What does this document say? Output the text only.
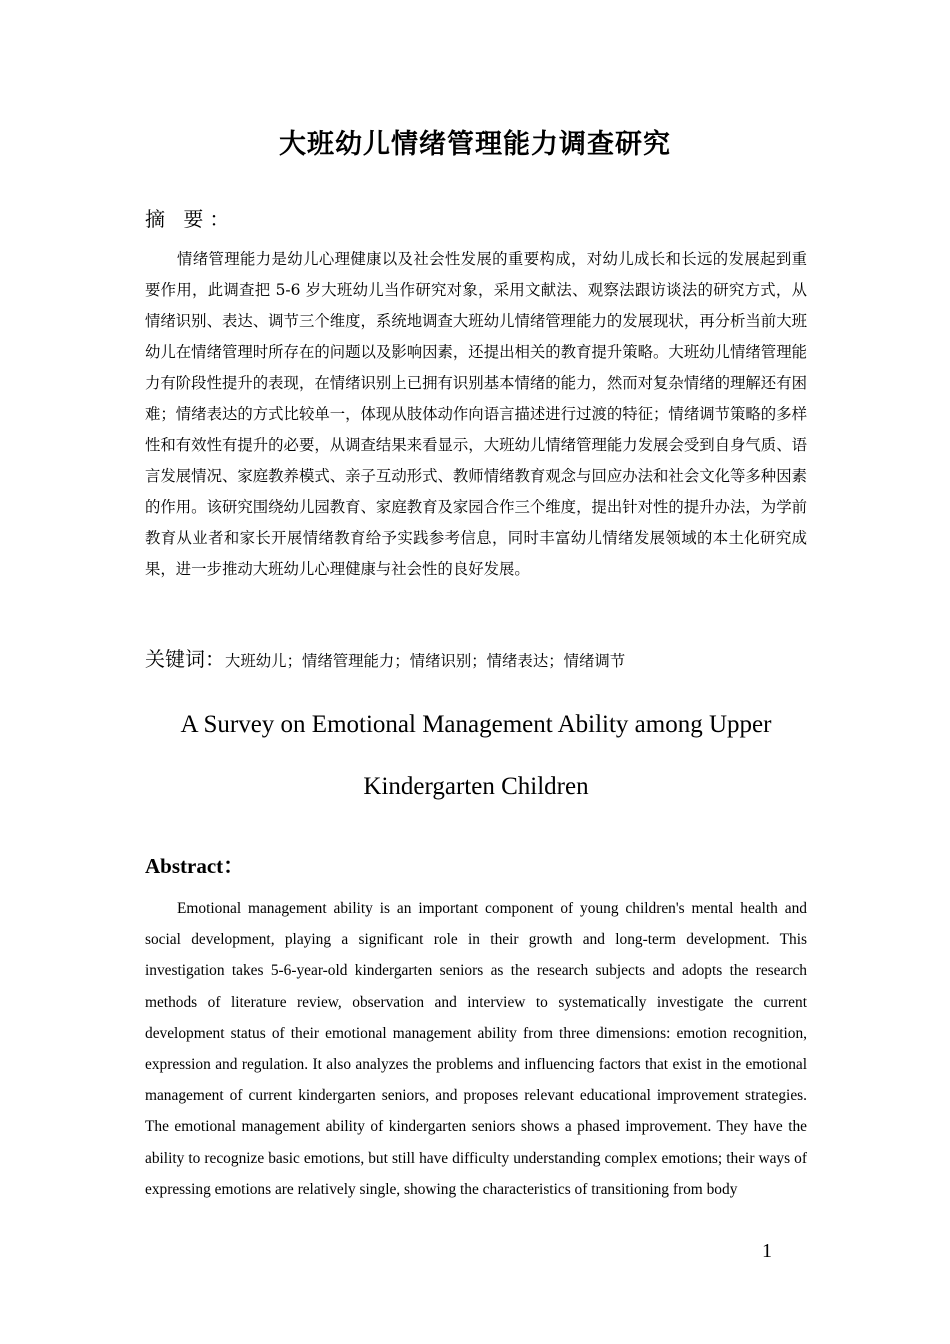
大班幼儿情绪管理能力调查研究
摘 要：

情绪管理能力是幼儿心理健康以及社会性发展的重要构成，对幼儿成长和长远的发展起到重要作用，此调查把 5-6 岁大班幼儿当作研究对象，采用文献法、观察法跟访谈法的研究方式，从情绪识别、表达、调节三个维度，系统地调查大班幼儿情绪管理能力的发展现状，再分析当前大班幼儿在情绪管理时所存在的问题以及影响因素，还提出相关的教育提升策略。大班幼儿情绪管理能力有阶段性提升的表现，在情绪识别上已拥有识别基本情绪的能力，然而对复杂情绪的理解还有困难；情绪表达的方式比较单一，体现从肢体动作向语言描述进行过渡的特征；情绪调节策略的多样性和有效性有提升的必要，从调查结果来看显示，大班幼儿情绪管理能力发展会受到自身气质、语言发展情况、家庭教养模式、亲子互动形式、教师情绪教育观念与回应办法和社会文化等多种因素的作用。该研究围绕幼儿园教育、家庭教育及家园合作三个维度，提出针对性的提升办法，为学前教育从业者和家长开展情绪教育给予实践参考信息，同时丰富幼儿情绪发展领域的本土化研究成果，进一步推动大班幼儿心理健康与社会性的良好发展。

关键词：大班幼儿；情绪管理能力；情绪识别；情绪表达；情绪调节

A Survey on Emotional Management Ability among Upper Kindergarten Children

Abstract：

Emotional management ability is an important component of young children's mental health and social development, playing a significant role in their growth and long-term development. This investigation takes 5-6-year-old kindergarten seniors as the research subjects and adopts the research methods of literature review, observation and interview to systematically investigate the current development status of their emotional management ability from three dimensions: emotion recognition, expression and regulation. It also analyzes the problems and influencing factors that exist in the emotional management of current kindergarten seniors, and proposes relevant educational improvement strategies. The emotional management ability of kindergarten seniors shows a phased improvement. They have the ability to recognize basic emotions, but still have difficulty understanding complex emotions; their ways of expressing emotions are relatively single, showing the characteristics of transitioning from body

1
